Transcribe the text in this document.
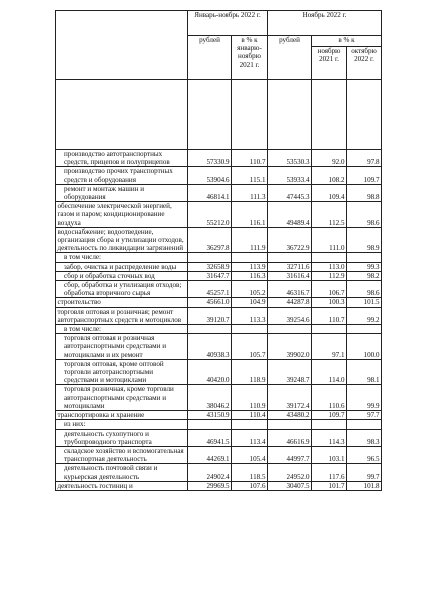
	Январь-ноябрь 2022 г.		Ноябрь 2022 г.		
	рублей	в % к январю-ноябрю 2021 г.	рублей	в % к	
				ноябрю 2021 г.	октябрю 2022 г.

производство автотранспортных средств, прицепов и полуприцепов	57330.9	110.7	53530.3	92.0	97.8
производство прочих транспортных средств и оборудования	53904.6	115.1	53933.4	108.2	109.7
ремонт и монтаж машин и оборудования	46814.1	111.3	47445.3	109.4	98.8
обеспечение электрической энергией, газом и паром; кондиционирование воздуха	55212.0	116.1	49489.4	112.5	98.6
водоснабжение; водоотведение, организация сбора и утилизации отходов, деятельность по ликвидации загрязнений	36297.8	111.9	36722.9	111.0	98.9
в том числе:					
забор, очистка и распределение воды	32658.9	113.9	32711.6	113.0	99.3
сбор и обработка сточных вод	31647.7	116.3	31616.4	112.9	98.2
сбор, обработка и утилизация отходов; обработка вторичного сырья	45257.1	105.2	46316.7	106.7	98.6
строительство	45661.0	104.9	44287.8	100.3	101.5
торговля оптовая и розничная; ремонт автотранспортных средств и мотоциклов	39120.7	113.3	39254.6	110.7	99.2
в том числе:					
торговля оптовая и розничная автотранспортными средствами и мотоциклами и их ремонт	40938.3	105.7	39902.0	97.1	100.0
торговля оптовая, кроме оптовой торговли автотранспортными средствами и мотоциклами	40420.0	118.9	39248.7	114.0	98.1
торговля розничная, кроме торговли автотранспортными средствами и мотоциклами	38046.2	110.9	39172.4	110.6	99.9
транспортировка и хранение	43150.9	110.4	43480.2	109.7	97.7
из них:					
деятельность сухопутного и трубопроводного транспорта	46941.5	113.4	46616.9	114.3	98.3
складское хозяйство и вспомогательная транспортная деятельность	44269.1	105.4	44997.7	103.1	96.5
деятельность почтовой связи и курьерская деятельность	24902.4	118.5	24952.0	117.6	99.7
деятельность гостиниц и	29969.5	107.6	30407.5	101.7	101.8
